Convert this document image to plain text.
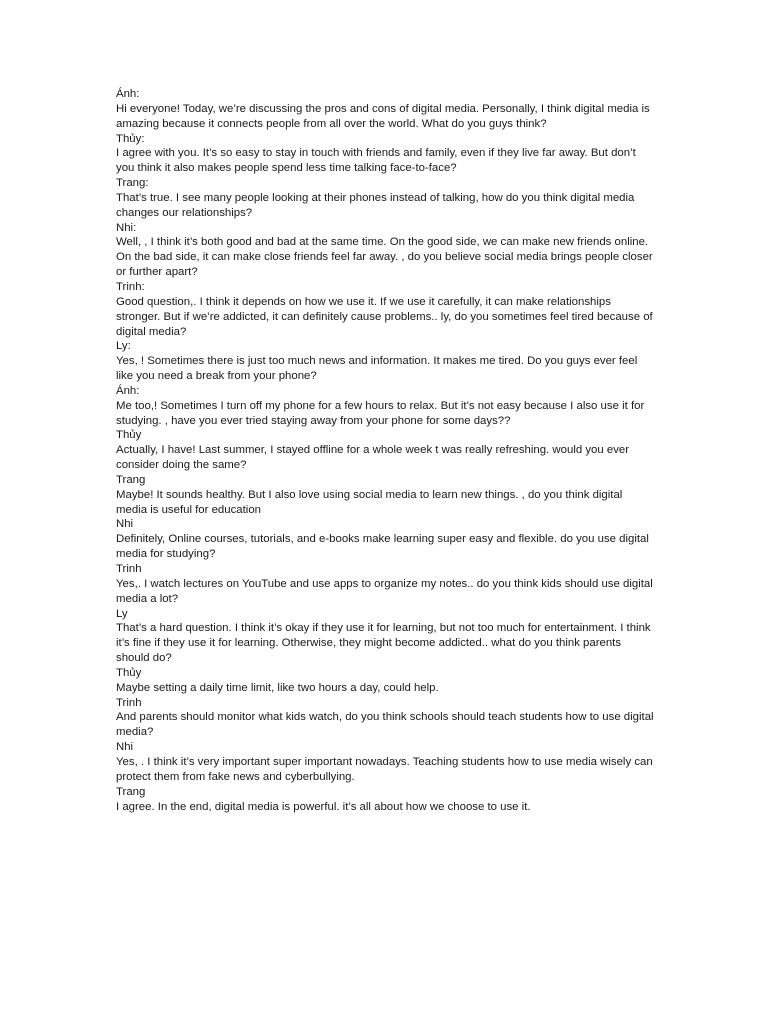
Ánh:
Hi everyone! Today, we’re discussing the pros and cons of digital media. Personally, I think digital media is amazing because it connects people from all over the world. What do you guys think?
Thủy:
I agree with you. It’s so easy to stay in touch with friends and family, even if they live far away. But don’t you think it also makes people spend less time talking face-to-face?
Trang:
That’s true. I see many people looking at their phones instead of talking, how do you think digital media changes our relationships?
Nhi:
Well, , I think it’s both good and bad at the same time. On the good side, we can make new friends online. On the bad side, it can make close friends feel far away. , do you believe social media brings people closer or further apart?
Trinh:
Good question,. I think it depends on how we use it. If we use it carefully, it can make relationships stronger. But if we’re addicted, it can definitely cause problems.. ly, do you sometimes feel tired because of digital media?
Ly:
Yes, ! Sometimes there is just too much news and information. It makes me tired. Do you guys ever feel like you need a break from your phone?
Ánh:
Me too,! Sometimes I turn off my phone for a few hours to relax. But it’s not easy because I also use it for studying. , have you ever tried staying away from your phone for some days??
Thủy
Actually, I have! Last summer, I stayed offline for a whole week t was really refreshing. would you ever consider doing the same?
Trang
Maybe! It sounds healthy. But I also love using social media to learn new things. , do you think digital media is useful for education
Nhi
Definitely, Online courses, tutorials, and e-books make learning super easy and flexible. do you use digital media for studying?
Trinh
Yes,. I watch lectures on YouTube and use apps to organize my notes.. do you think kids should use digital media a lot?
Ly
That’s a hard question. I think it’s okay if they use it for learning, but not too much for entertainment. I think it’s fine if they use it for learning. Otherwise, they might become addicted.. what do you think parents should do?
Thủy
Maybe setting a daily time limit, like two hours a day, could help.
Trinh
And parents should monitor what kids watch, do you think schools should teach students how to use digital media?
Nhi
Yes, . I think it’s very important super important nowadays. Teaching students how to use media wisely can protect them from fake news and cyberbullying.
Trang
I agree. In the end, digital media is powerful. it’s all about how we choose to use it.
